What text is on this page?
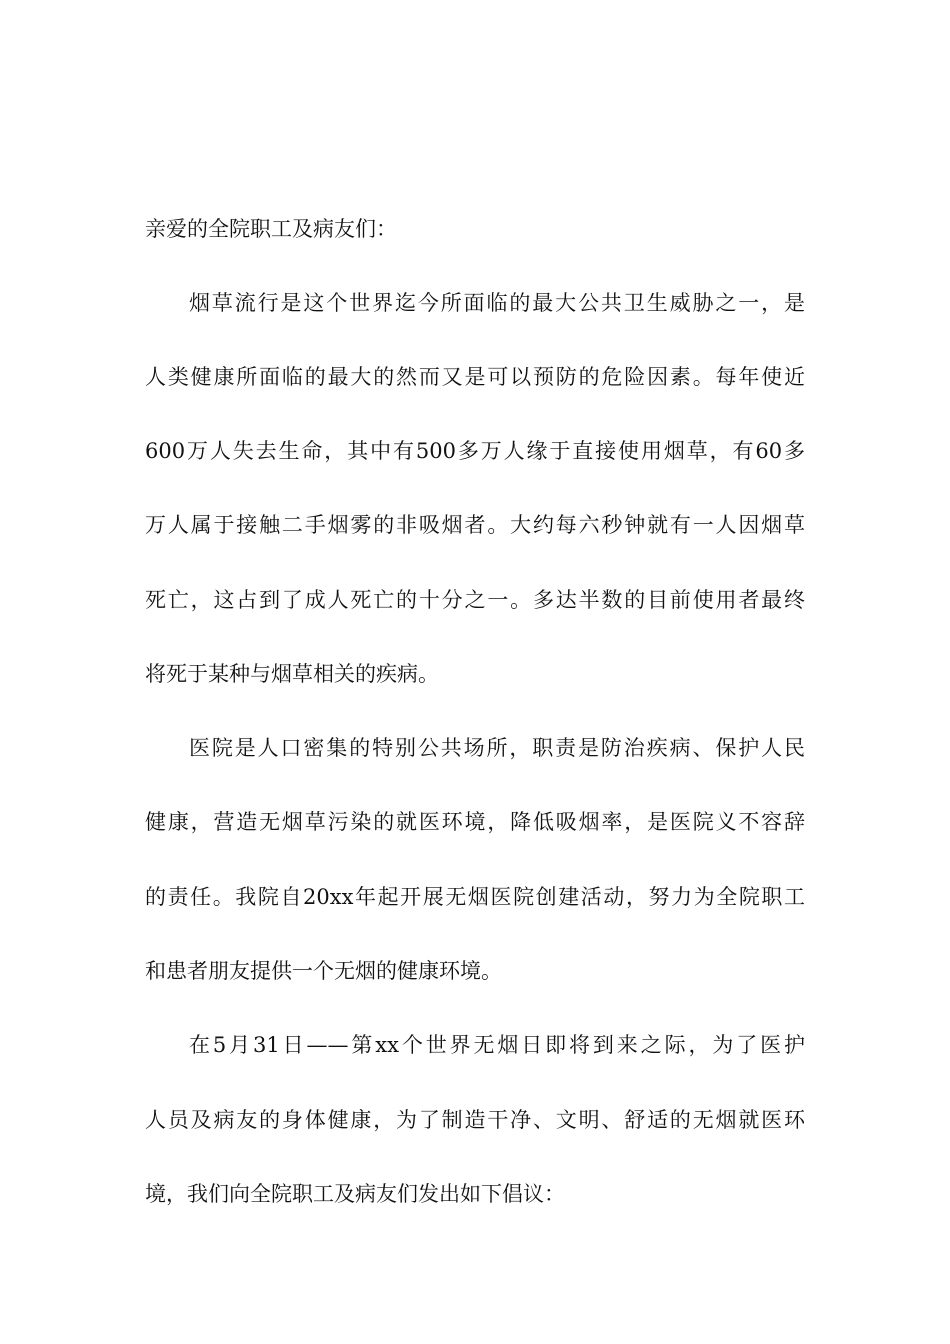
亲爱的全院职工及病友们：
烟草流行是这个世界迄今所面临的最大公共卫生威胁之一，是
人类健康所面临的最大的然而又是可以预防的危险因素。每年使近
600万人失去生命，其中有500多万人缘于直接使用烟草，有60多
万人属于接触二手烟雾的非吸烟者。大约每六秒钟就有一人因烟草
死亡，这占到了成人死亡的十分之一。多达半数的目前使用者最终
将死于某种与烟草相关的疾病。
医院是人口密集的特别公共场所，职责是防治疾病、保护人民
健康，营造无烟草污染的就医环境，降低吸烟率，是医院义不容辞
的责任。我院自20xx年起开展无烟医院创建活动，努力为全院职工
和患者朋友提供一个无烟的健康环境。
在5月31日——第xx个世界无烟日即将到来之际，为了医护
人员及病友的身体健康，为了制造干净、文明、舒适的无烟就医环
境，我们向全院职工及病友们发出如下倡议：
